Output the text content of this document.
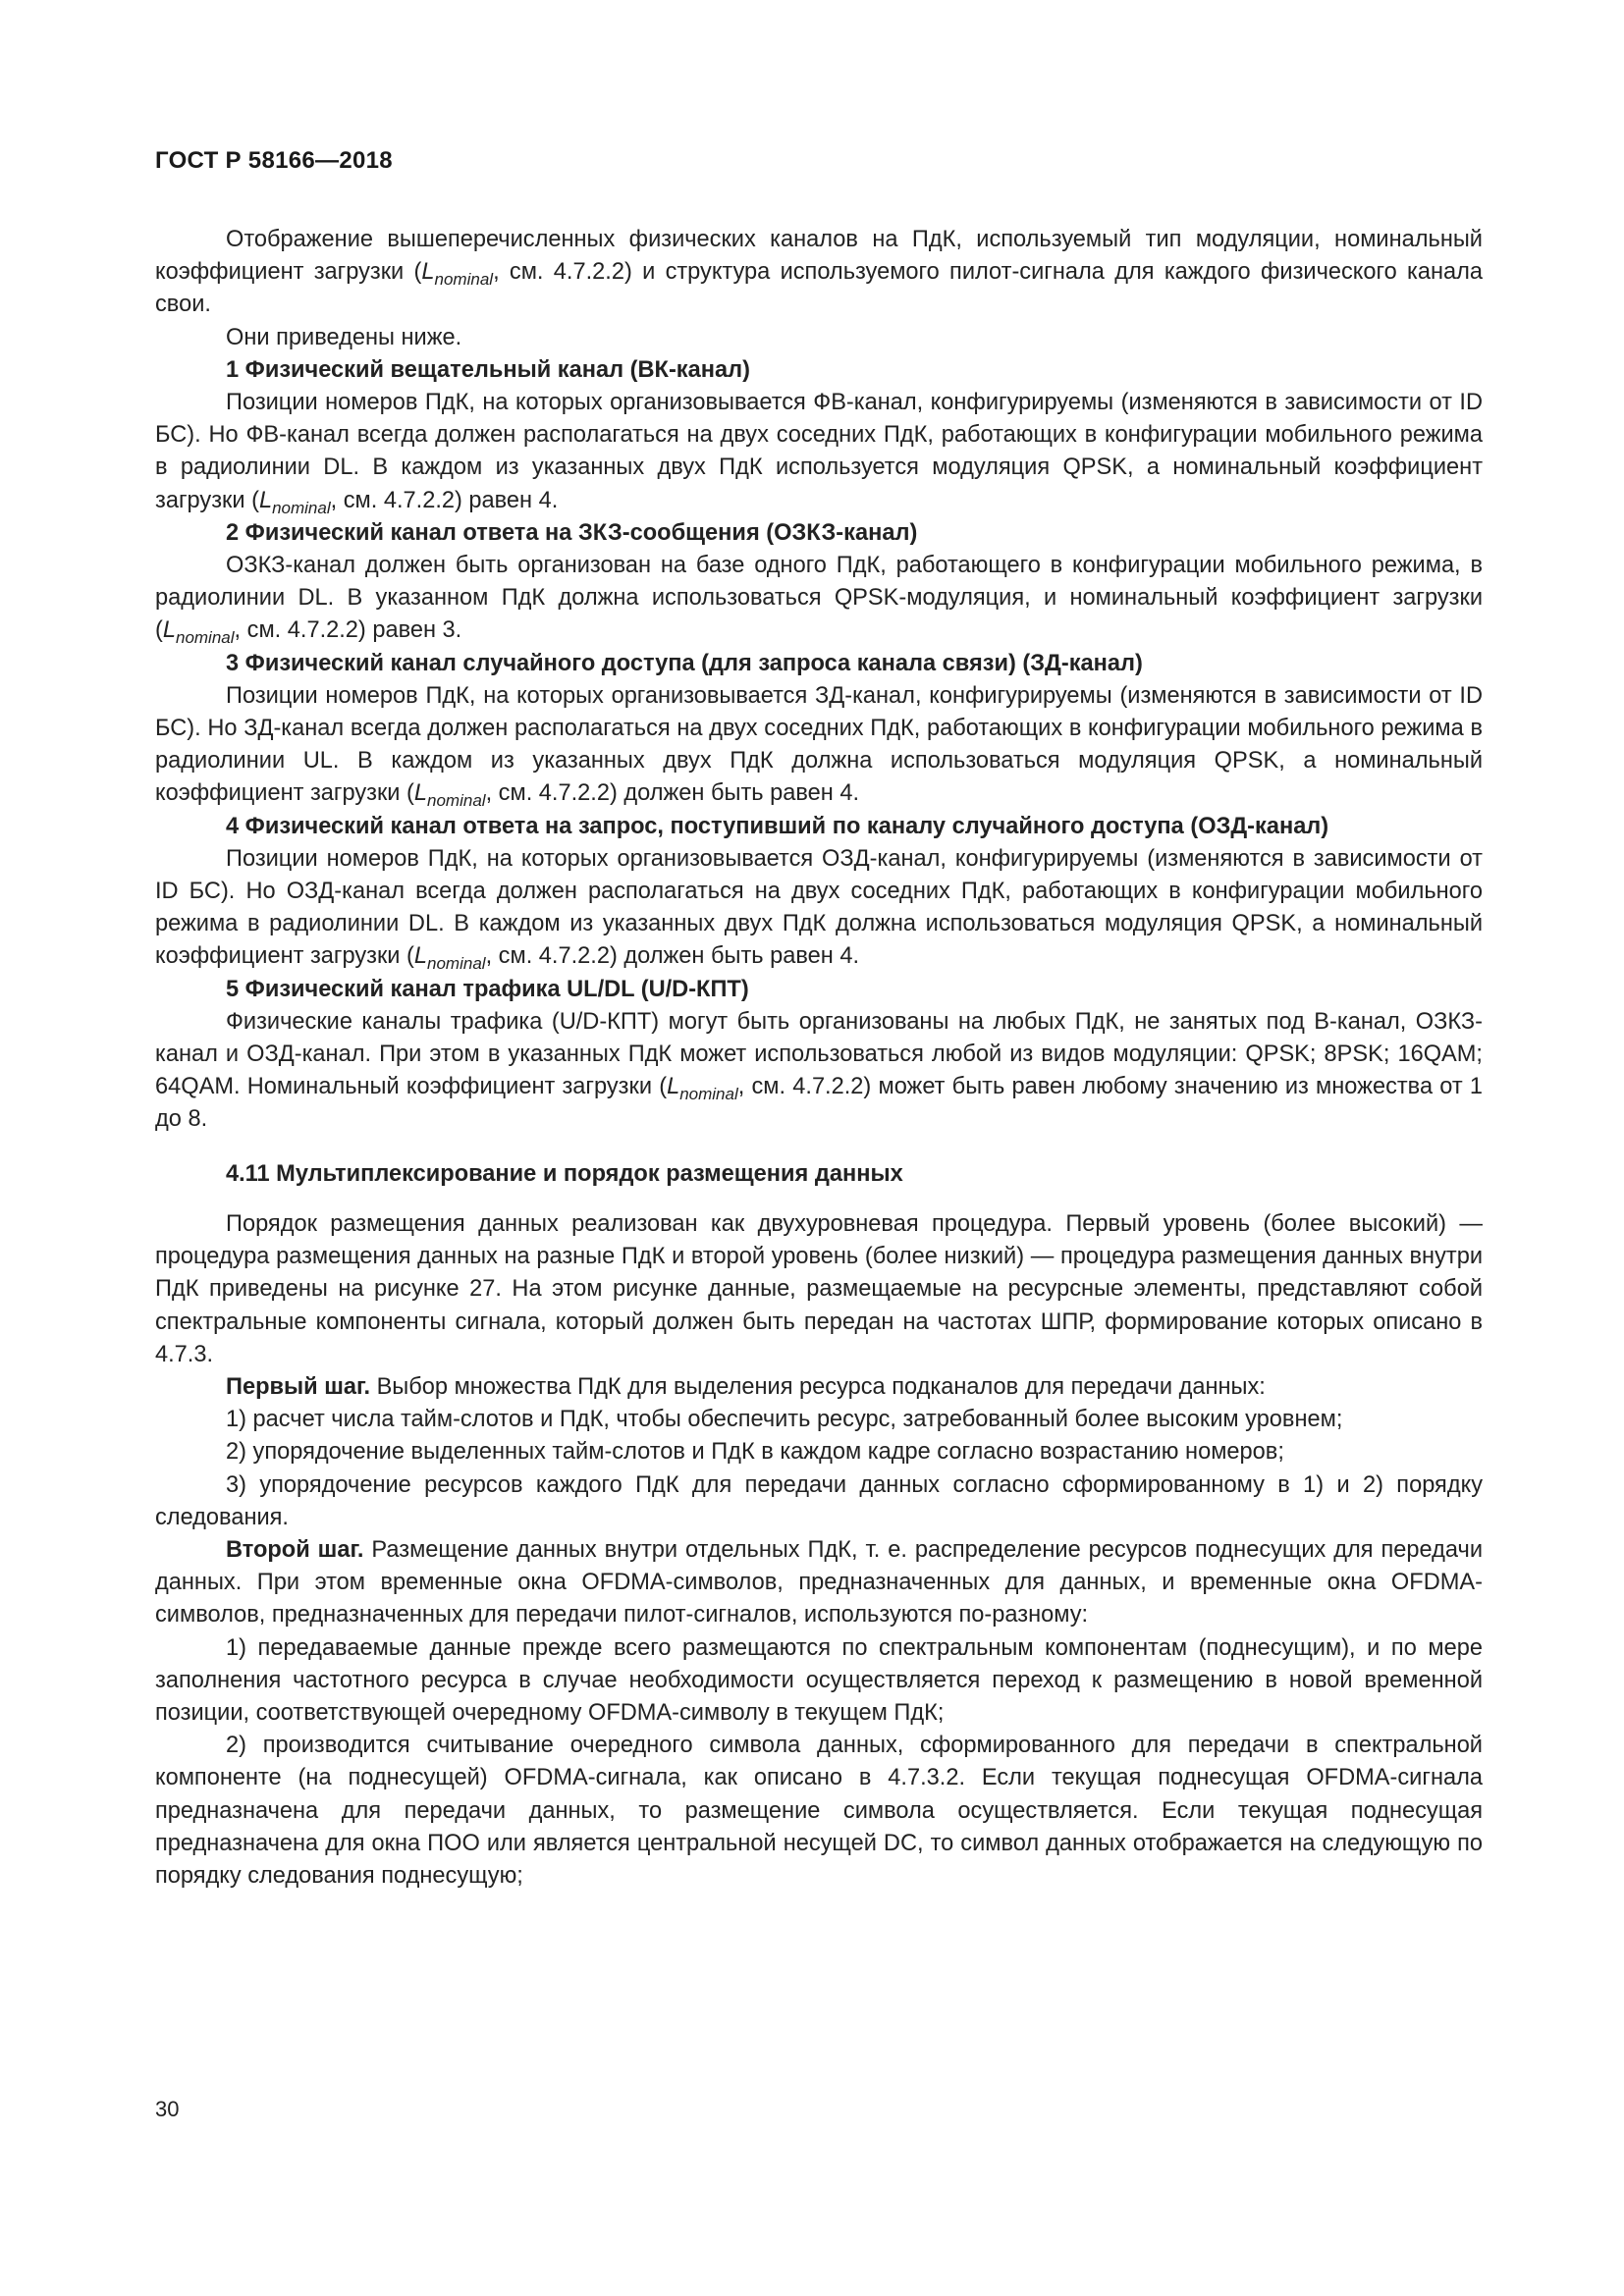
ГОСТ Р 58166—2018

Отображение вышеперечисленных физических каналов на ПдК, используемый тип модуляции, номинальный коэффициент загрузки ($L_{nominal}$, см. 4.7.2.2) и структура используемого пилот-сигнала для каждого физического канала свои.

Они приведены ниже.

1 Физический вещательный канал (ВК-канал)

Позиции номеров ПдК, на которых организовывается ФВ-канал, конфигурируемы (изменяются в зависимости от ID БС). Но ФВ-канал всегда должен располагаться на двух соседних ПдК, работающих в конфигурации мобильного режима в радиолинии DL. В каждом из указанных двух ПдК используется модуляция QPSK, а номинальный коэффициент загрузки ($L_{nominal}$, см. 4.7.2.2) равен 4.

2 Физический канал ответа на ЗКЗ-сообщения (ОЗКЗ-канал)

ОЗКЗ-канал должен быть организован на базе одного ПдК, работающего в конфигурации мобильного режима, в радиолинии DL. В указанном ПдК должна использоваться QPSK-модуляция, и номинальный коэффициент загрузки ($L_{nominal}$, см. 4.7.2.2) равен 3.

3 Физический канал случайного доступа (для запроса канала связи) (ЗД-канал)

Позиции номеров ПдК, на которых организовывается ЗД-канал, конфигурируемы (изменяются в зависимости от ID БС). Но ЗД-канал всегда должен располагаться на двух соседних ПдК, работающих в конфигурации мобильного режима в радиолинии UL. В каждом из указанных двух ПдК должна использоваться модуляция QPSK, а номинальный коэффициент загрузки ($L_{nominal}$, см. 4.7.2.2) должен быть равен 4.

4 Физический канал ответа на запрос, поступивший по каналу случайного доступа (ОЗД-канал)

Позиции номеров ПдК, на которых организовывается ОЗД-канал, конфигурируемы (изменяются в зависимости от ID БС). Но ОЗД-канал всегда должен располагаться на двух соседних ПдК, работающих в конфигурации мобильного режима в радиолинии DL. В каждом из указанных двух ПдК должна использоваться модуляция QPSK, а номинальный коэффициент загрузки ($L_{nominal}$, см. 4.7.2.2) должен быть равен 4.

5 Физический канал трафика UL/DL (U/D-КПТ)

Физические каналы трафика (U/D-КПТ) могут быть организованы на любых ПдК, не занятых под В-канал, ОЗКЗ-канал и ОЗД-канал. При этом в указанных ПдК может использоваться любой из видов модуляции: QPSK; 8PSK; 16QAM; 64QAM. Номинальный коэффициент загрузки ($L_{nominal}$, см. 4.7.2.2) может быть равен любому значению из множества от 1 до 8.

4.11 Мультиплексирование и порядок размещения данных

Порядок размещения данных реализован как двухуровневая процедура. Первый уровень (более высокий) — процедура размещения данных на разные ПдК и второй уровень (более низкий) — процедура размещения данных внутри ПдК приведены на рисунке 27. На этом рисунке данные, размещаемые на ресурсные элементы, представляют собой спектральные компоненты сигнала, который должен быть передан на частотах ШПР, формирование которых описано в 4.7.3.

Первый шаг. Выбор множества ПдК для выделения ресурса подканалов для передачи данных:

1) расчет числа тайм-слотов и ПдК, чтобы обеспечить ресурс, затребованный более высоким уровнем;

2) упорядочение выделенных тайм-слотов и ПдК в каждом кадре согласно возрастанию номеров;

3) упорядочение ресурсов каждого ПдК для передачи данных согласно сформированному в 1) и 2) порядку следования.

Второй шаг. Размещение данных внутри отдельных ПдК, т. е. распределение ресурсов поднесущих для передачи данных. При этом временные окна OFDMA-символов, предназначенных для данных, и временные окна OFDMA-символов, предназначенных для передачи пилот-сигналов, используются по-разному:

1) передаваемые данные прежде всего размещаются по спектральным компонентам (поднесущим), и по мере заполнения частотного ресурса в случае необходимости осуществляется переход к размещению в новой временной позиции, соответствующей очередному OFDMA-символу в текущем ПдК;

2) производится считывание очередного символа данных, сформированного для передачи в спектральной компоненте (на поднесущей) OFDMA-сигнала, как описано в 4.7.3.2. Если текущая поднесущая OFDMA-сигнала предназначена для передачи данных, то размещение символа осуществляется. Если текущая поднесущая предназначена для окна ПОО или является центральной несущей DC, то символ данных отображается на следующую по порядку следования поднесущую;

30
